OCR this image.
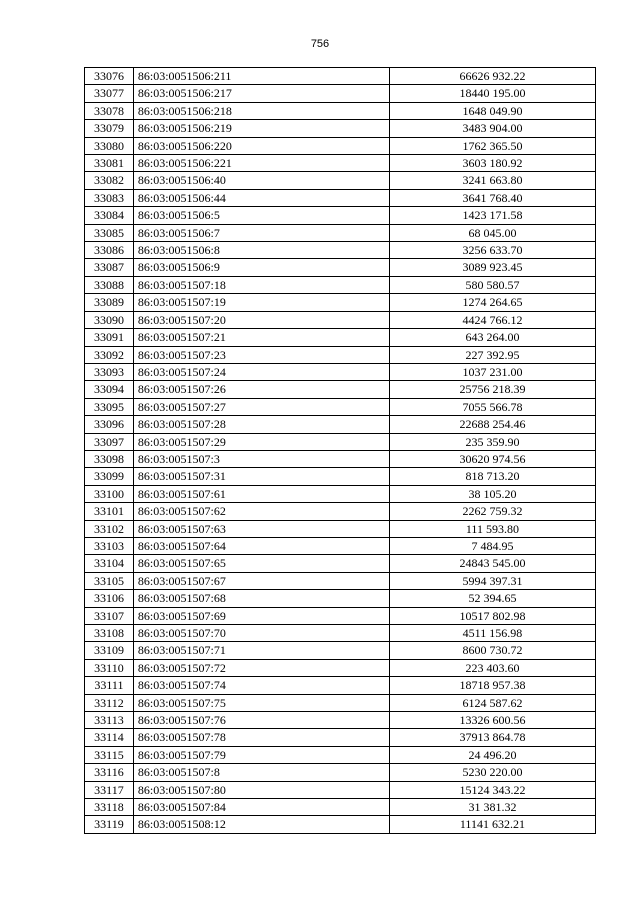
756
33076	86:03:0051506:211	66626 932.22
33077	86:03:0051506:217	18440 195.00
33078	86:03:0051506:218	1648 049.90
33079	86:03:0051506:219	3483 904.00
33080	86:03:0051506:220	1762 365.50
33081	86:03:0051506:221	3603 180.92
33082	86:03:0051506:40	3241 663.80
33083	86:03:0051506:44	3641 768.40
33084	86:03:0051506:5	1423 171.58
33085	86:03:0051506:7	68 045.00
33086	86:03:0051506:8	3256 633.70
33087	86:03:0051506:9	3089 923.45
33088	86:03:0051507:18	580 580.57
33089	86:03:0051507:19	1274 264.65
33090	86:03:0051507:20	4424 766.12
33091	86:03:0051507:21	643 264.00
33092	86:03:0051507:23	227 392.95
33093	86:03:0051507:24	1037 231.00
33094	86:03:0051507:26	25756 218.39
33095	86:03:0051507:27	7055 566.78
33096	86:03:0051507:28	22688 254.46
33097	86:03:0051507:29	235 359.90
33098	86:03:0051507:3	30620 974.56
33099	86:03:0051507:31	818 713.20
33100	86:03:0051507:61	38 105.20
33101	86:03:0051507:62	2262 759.32
33102	86:03:0051507:63	111 593.80
33103	86:03:0051507:64	7 484.95
33104	86:03:0051507:65	24843 545.00
33105	86:03:0051507:67	5994 397.31
33106	86:03:0051507:68	52 394.65
33107	86:03:0051507:69	10517 802.98
33108	86:03:0051507:70	4511 156.98
33109	86:03:0051507:71	8600 730.72
33110	86:03:0051507:72	223 403.60
33111	86:03:0051507:74	18718 957.38
33112	86:03:0051507:75	6124 587.62
33113	86:03:0051507:76	13326 600.56
33114	86:03:0051507:78	37913 864.78
33115	86:03:0051507:79	24 496.20
33116	86:03:0051507:8	5230 220.00
33117	86:03:0051507:80	15124 343.22
33118	86:03:0051507:84	31 381.32
33119	86:03:0051508:12	11141 632.21
